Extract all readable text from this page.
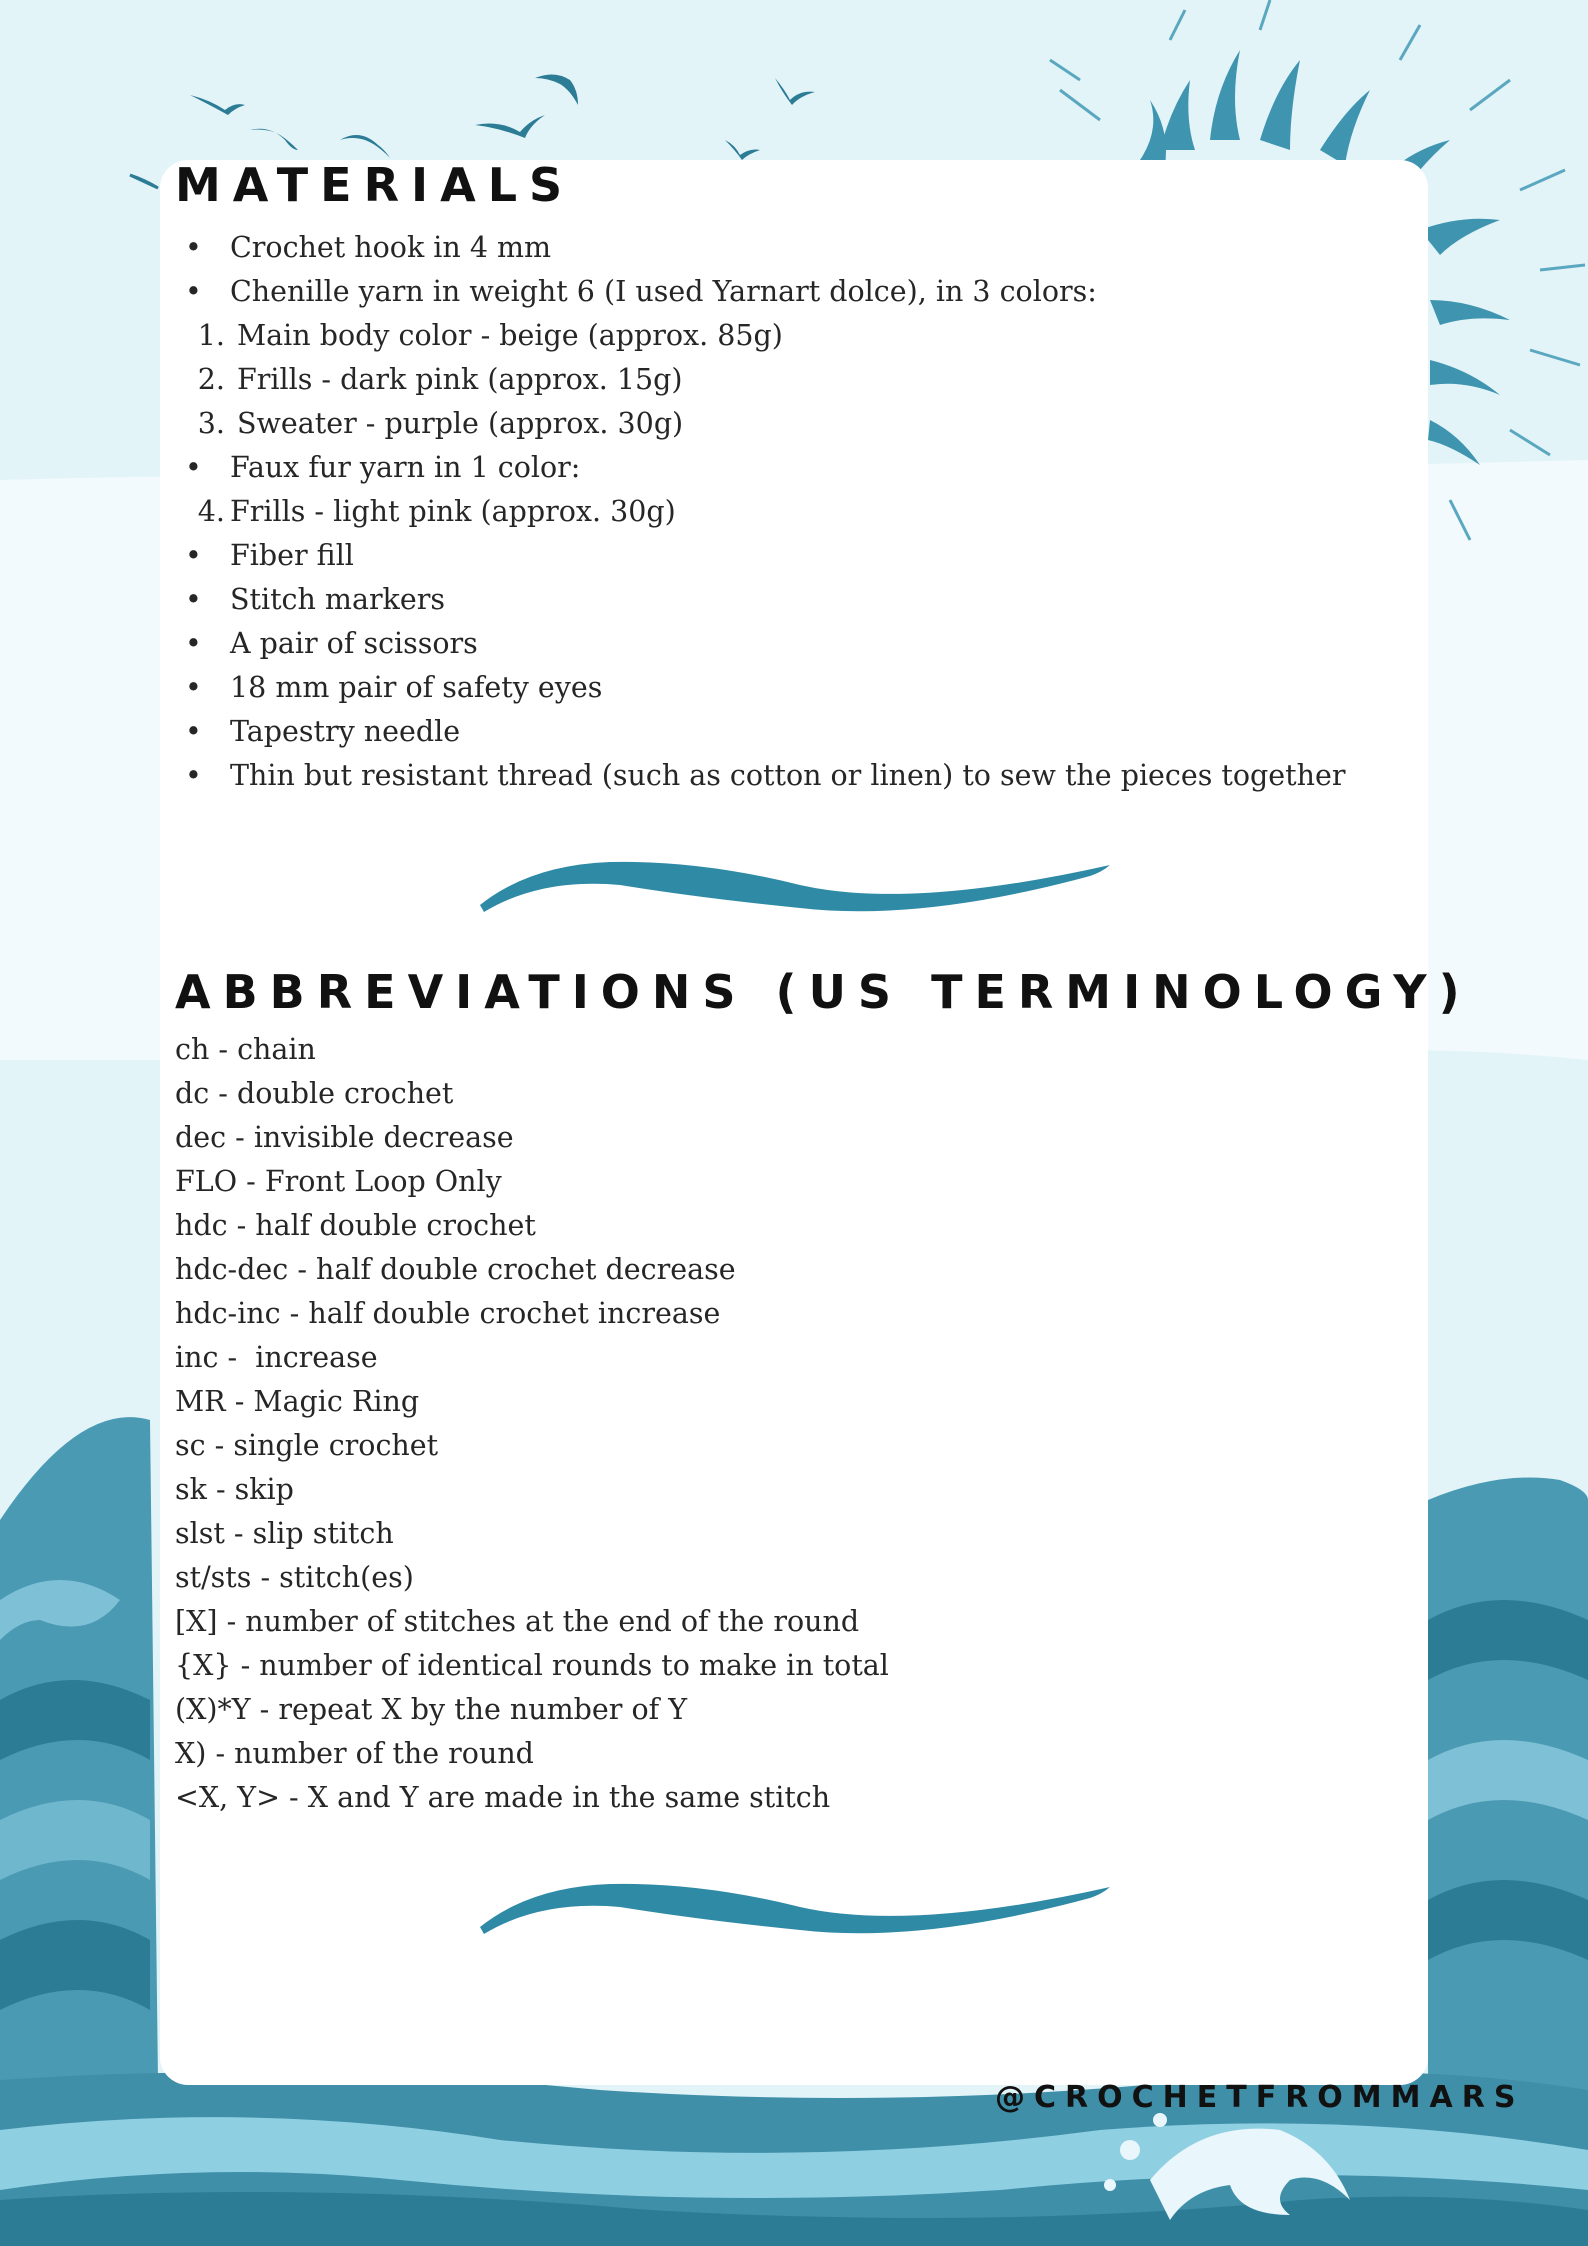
MATERIALS
• Crochet hook in 4 mm
• Chenille yarn in weight 6 (I used Yarnart dolce), in 3 colors:
1. Main body color - beige (approx. 85g)
2. Frills - dark pink (approx. 15g)
3. Sweater - purple (approx. 30g)
• Faux fur yarn in 1 color:
4. Frills - light pink (approx. 30g)
• Fiber fill
• Stitch markers
• A pair of scissors
• 18 mm pair of safety eyes
• Tapestry needle
• Thin but resistant thread (such as cotton or linen) to sew the pieces together
ABBREVIATIONS (US TERMINOLOGY)
ch - chain
dc - double crochet
dec - invisible decrease
FLO - Front Loop Only
hdc - half double crochet
hdc-dec - half double crochet decrease
hdc-inc - half double crochet increase
inc -  increase
MR - Magic Ring
sc - single crochet
sk - skip
slst - slip stitch
st/sts - stitch(es)
[X] - number of stitches at the end of the round
{X} - number of identical rounds to make in total
(X)*Y - repeat X by the number of Y
X) - number of the round
<X, Y> - X and Y are made in the same stitch
@CROCHETFROMMARS
